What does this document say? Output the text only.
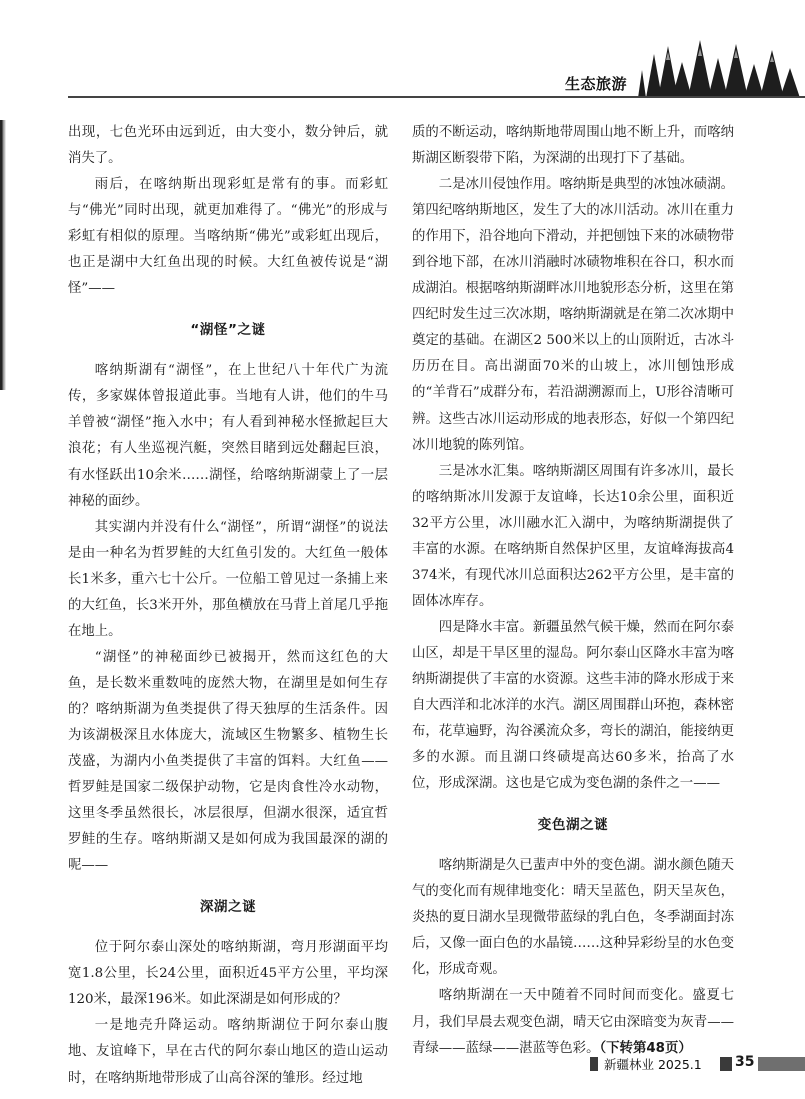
生态旅游

出现，七色光环由远到近，由大变小，数分钟后，就消失了。

雨后，在喀纳斯出现彩虹是常有的事。而彩虹与“佛光”同时出现，就更加难得了。“佛光”的形成与彩虹有相似的原理。当喀纳斯“佛光”或彩虹出现后，也正是湖中大红鱼出现的时候。大红鱼被传说是“湖怪”——

“湖怪”之谜

喀纳斯湖有“湖怪”，在上世纪八十年代广为流传，多家媒体曾报道此事。当地有人讲，他们的牛马羊曾被“湖怪”拖入水中；有人看到神秘水怪掀起巨大浪花；有人坐巡视汽艇，突然目睹到远处翻起巨浪，有水怪跃出10余米……湖怪，给喀纳斯湖蒙上了一层神秘的面纱。

其实湖内并没有什么“湖怪”，所谓“湖怪”的说法是由一种名为哲罗鲑的大红鱼引发的。大红鱼一般体长1米多，重六七十公斤。一位船工曾见过一条捕上来的大红鱼，长3米开外，那鱼横放在马背上首尾几乎拖在地上。

“湖怪”的神秘面纱已被揭开，然而这红色的大鱼，是长数米重数吨的庞然大物，在湖里是如何生存的？喀纳斯湖为鱼类提供了得天独厚的生活条件。因为该湖极深且水体庞大，流域区生物繁多、植物生长茂盛，为湖内小鱼类提供了丰富的饵料。大红鱼——哲罗鲑是国家二级保护动物，它是肉食性冷水动物，这里冬季虽然很长，冰层很厚，但湖水很深，适宜哲罗鲑的生存。喀纳斯湖又是如何成为我国最深的湖的呢——

深湖之谜

位于阿尔泰山深处的喀纳斯湖，弯月形湖面平均宽1.8公里，长24公里，面积近45平方公里，平均深120米，最深196米。如此深湖是如何形成的？

一是地壳升降运动。喀纳斯湖位于阿尔泰山腹地、友谊峰下，早在古代的阿尔泰山地区的造山运动时，在喀纳斯地带形成了山高谷深的雏形。经过地

质的不断运动，喀纳斯地带周围山地不断上升，而喀纳斯湖区断裂带下陷，为深湖的出现打下了基础。

二是冰川侵蚀作用。喀纳斯是典型的冰蚀冰碛湖。第四纪喀纳斯地区，发生了大的冰川活动。冰川在重力的作用下，沿谷地向下滑动，并把刨蚀下来的冰碛物带到谷地下部，在冰川消融时冰碛物堆积在谷口，积水而成湖泊。根据喀纳斯湖畔冰川地貌形态分析，这里在第四纪时发生过三次冰期，喀纳斯湖就是在第二次冰期中奠定的基础。在湖区2 500米以上的山顶附近，古冰斗历历在目。高出湖面70米的山坡上，冰川刨蚀形成的“羊背石”成群分布，若沿湖溯源而上，U形谷清晰可辨。这些古冰川运动形成的地表形态，好似一个第四纪冰川地貌的陈列馆。

三是冰水汇集。喀纳斯湖区周围有许多冰川，最长的喀纳斯冰川发源于友谊峰，长达10余公里，面积近32平方公里，冰川融水汇入湖中，为喀纳斯湖提供了丰富的水源。在喀纳斯自然保护区里，友谊峰海拔高4 374米，有现代冰川总面积达262平方公里，是丰富的固体冰库存。

四是降水丰富。新疆虽然气候干燥，然而在阿尔泰山区，却是干旱区里的湿岛。阿尔泰山区降水丰富为喀纳斯湖提供了丰富的水资源。这些丰沛的降水形成于来自大西洋和北冰洋的水汽。湖区周围群山环抱，森林密布，花草遍野，沟谷溪流众多，弯长的湖泊，能接纳更多的水源。而且湖口终碛堤高达60多米，抬高了水位，形成深湖。这也是它成为变色湖的条件之一——

变色湖之谜

喀纳斯湖是久已蜚声中外的变色湖。湖水颜色随天气的变化而有规律地变化：晴天呈蓝色，阴天呈灰色，炎热的夏日湖水呈现微带蓝绿的乳白色，冬季湖面封冻后，又像一面白色的水晶镜……这种异彩纷呈的水色变化，形成奇观。

喀纳斯湖在一天中随着不同时间而变化。盛夏七月，我们早晨去观变色湖，晴天它由深暗变为灰青——青绿——蓝绿——湛蓝等色彩。（下转第48页）

新疆林业 2025.1 35
